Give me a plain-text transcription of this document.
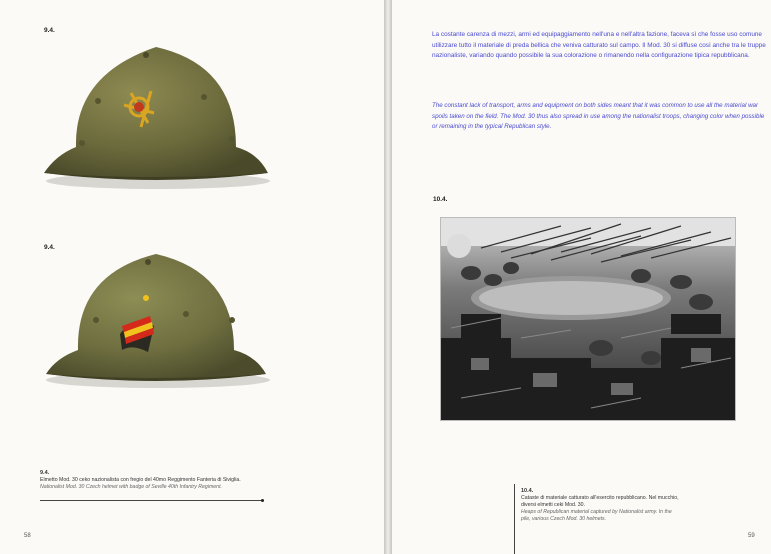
9.4.
9.4.
9.4.
Elmetto Mod. 30 ceko nazionalista con fregio del 40mo Reggimento Fanteria di Siviglia.
Nationalist Mod. 30 Czech helmet with badge of Seville 40th Infantry Regiment.
58
La costante carenza di mezzi, armi ed equipaggiamento nell'una e nell'altra fazione, faceva sì che fosse uso comune utilizzare tutto il materiale di preda bellica che veniva catturato sul campo. Il Mod. 30 si diffuse così anche tra le truppe nazionaliste, variando quando possibile la sua colorazione o rimanendo nella configurazione tipica repubblicana.
The constant lack of transport, arms and equipment on both sides meant that it was common to use all the material war spoils taken on the field. The Mod. 30 thus also spread in use among the nationalist troops, changing color when possible or remaining in the typical Republican style.
10.4.
10.4.
Cataste di materiale catturato all'esercito repubblicano. Nel mucchio, diversi elmetti ceki Mod. 30.
Heaps of Republican material captured by Nationalist army. In the pile, various Czech Mod. 30 helmets.
59
